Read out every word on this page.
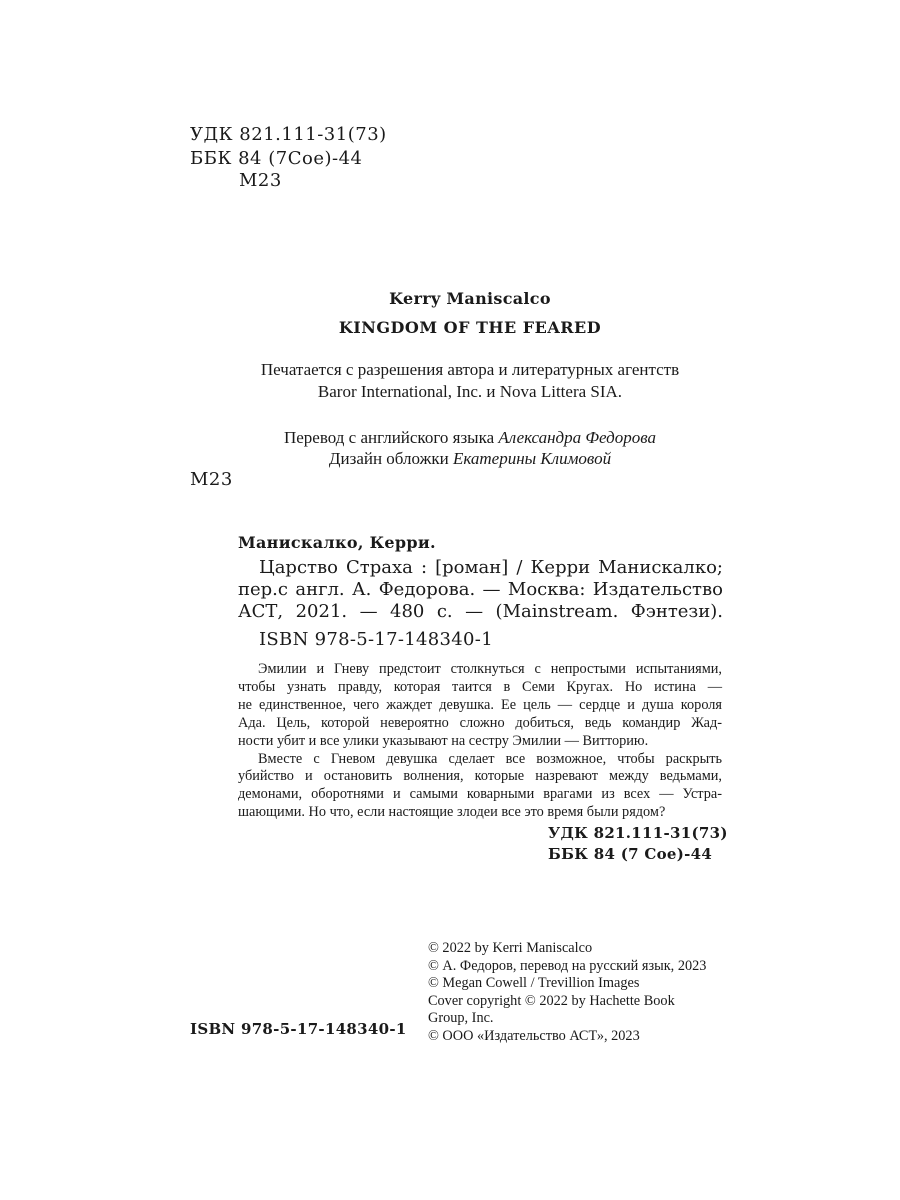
УДК 821.111-31(73)
ББК 84 (7Сое)-44
М23
Kerry Maniscalco
KINGDOM OF THE FEARED
Печатается с разрешения автора и литературных агентств
Baror International, Inc. и Nova Littera SIA.
Перевод с английского языка Александра Федорова
Дизайн обложки Екатерины Климовой
М23
Манискалко, Керри.
Царство Страха : [роман] / Керри Манискалко;
пер.с англ. А. Федорова. — Москва: Издательство
АСТ, 2021. — 480 с. — (Mainstream. Фэнтези).
ISBN 978-5-17-148340-1
Эмилии и Гневу предстоит столкнуться с непростыми испытаниями,
чтобы узнать правду, которая таится в Семи Кругах. Но истина —
не единственное, чего жаждет девушка. Ее цель — сердце и душа короля
Ада. Цель, которой невероятно сложно добиться, ведь командир Жад-
ности убит и все улики указывают на сестру Эмилии — Витторию.
Вместе с Гневом девушка сделает все возможное, чтобы раскрыть
убийство и остановить волнения, которые назревают между ведьмами,
демонами, оборотнями и самыми коварными врагами из всех — Устра-
шающими. Но что, если настоящие злодеи все это время были рядом?
УДК 821.111-31(73)
ББК 84 (7 Сое)-44
© 2022 by Kerri Maniscalco
© А. Федоров, перевод на русский язык, 2023
© Megan Cowell / Trevillion Images
Cover copyright © 2022 by Hachette Book
Group, Inc.
© ООО «Издательство АСТ», 2023
ISBN 978-5-17-148340-1
